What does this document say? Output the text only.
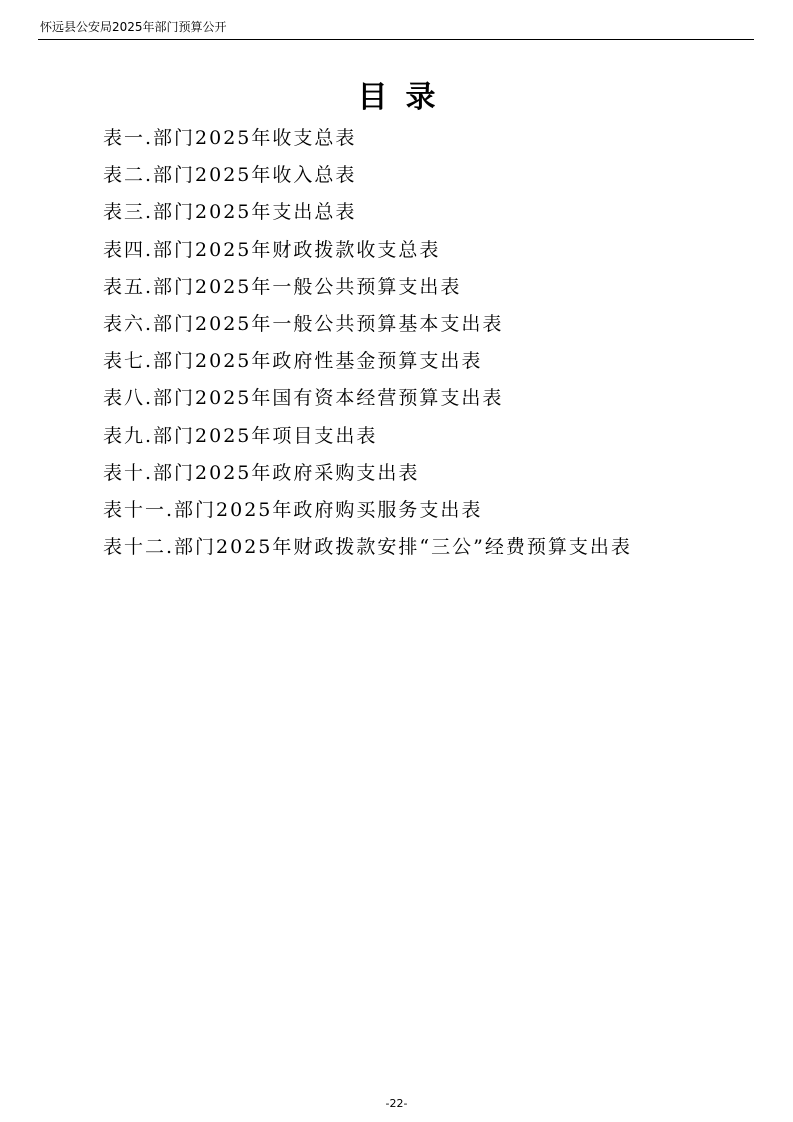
怀远县公安局2025年部门预算公开
目录
表一.部门2025年收支总表
表二.部门2025年收入总表
表三.部门2025年支出总表
表四.部门2025年财政拨款收支总表
表五.部门2025年一般公共预算支出表
表六.部门2025年一般公共预算基本支出表
表七.部门2025年政府性基金预算支出表
表八.部门2025年国有资本经营预算支出表
表九.部门2025年项目支出表
表十.部门2025年政府采购支出表
表十一.部门2025年政府购买服务支出表
表十二.部门2025年财政拨款安排“三公”经费预算支出表
-22-
